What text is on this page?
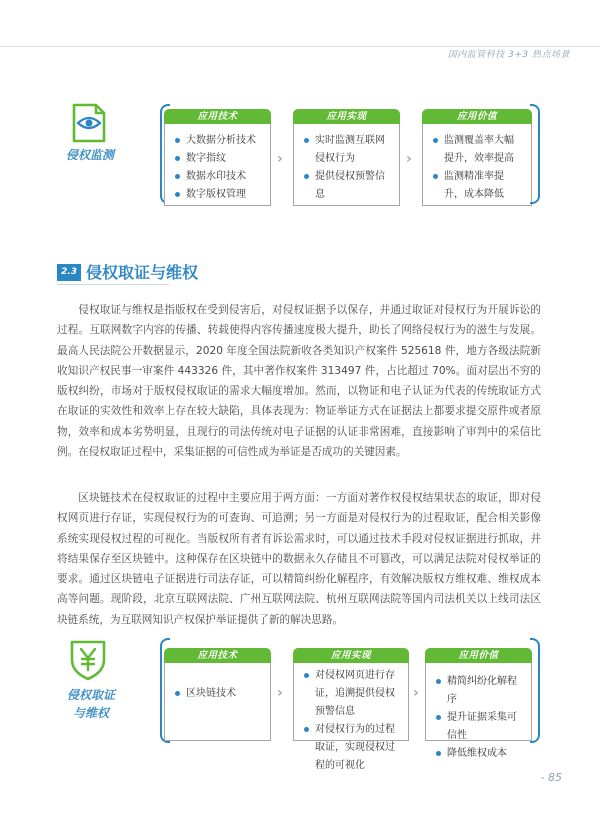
国内监管科技 3+3 热点场景
侵权监测
应用技术
大数据分析技术
数字指纹
数据水印技术
数字版权管理
›
应用实现
实时监测互联网侵权行为
提供侵权预警信息
›
应用价值
监测覆盖率大幅提升，效率提高
监测精准率提升，成本降低
2.3 侵权取证与维权

侵权取证与维权是指版权在受到侵害后，对侵权证据予以保存，并通过取证对侵权行为开展诉讼的过程。互联网数字内容的传播、转载使得内容传播速度极大提升，助长了网络侵权行为的滋生与发展。最高人民法院公开数据显示，2020 年度全国法院新收各类知识产权案件 525618 件，地方各级法院新收知识产权民事一审案件 443326 件，其中著作权案件 313497 件，占比超过 70%。面对层出不穷的版权纠纷，市场对于版权侵权取证的需求大幅度增加。然而，以物证和电子认证为代表的传统取证方式在取证的实效性和效率上存在较大缺陷，具体表现为：物证举证方式在证据法上都要求提交原件或者原物，效率和成本劣势明显，且现行的司法传统对电子证据的认证非常困难，直接影响了审判中的采信比例。在侵权取证过程中，采集证据的可信性成为举证是否成功的关键因素。

区块链技术在侵权取证的过程中主要应用于两方面：一方面对著作权侵权结果状态的取证，即对侵权网页进行存证，实现侵权行为的可查询、可追溯；另一方面是对侵权行为的过程取证，配合相关影像系统实现侵权过程的可视化。当版权所有者有诉讼需求时，可以通过技术手段对侵权证据进行抓取，并将结果保存至区块链中。这种保存在区块链中的数据永久存储且不可篡改，可以满足法院对侵权举证的要求。通过区块链电子证据进行司法存证，可以精简纠纷化解程序，有效解决版权方维权难、维权成本高等问题。现阶段，北京互联网法院、广州互联网法院、杭州互联网法院等国内司法机关以上线司法区块链系统，为互联网知识产权保护举证提供了新的解决思路。

侵权取证
与维权
应用技术
区块链技术	›
应用实现
对侵权网页进行存证，追溯提供侵权预警信息
对侵权行为的过程取证，实现侵权过程的可视化
›
应用价值
精简纠纷化解程序
提升证据采集可信性
降低维权成本
- 85
